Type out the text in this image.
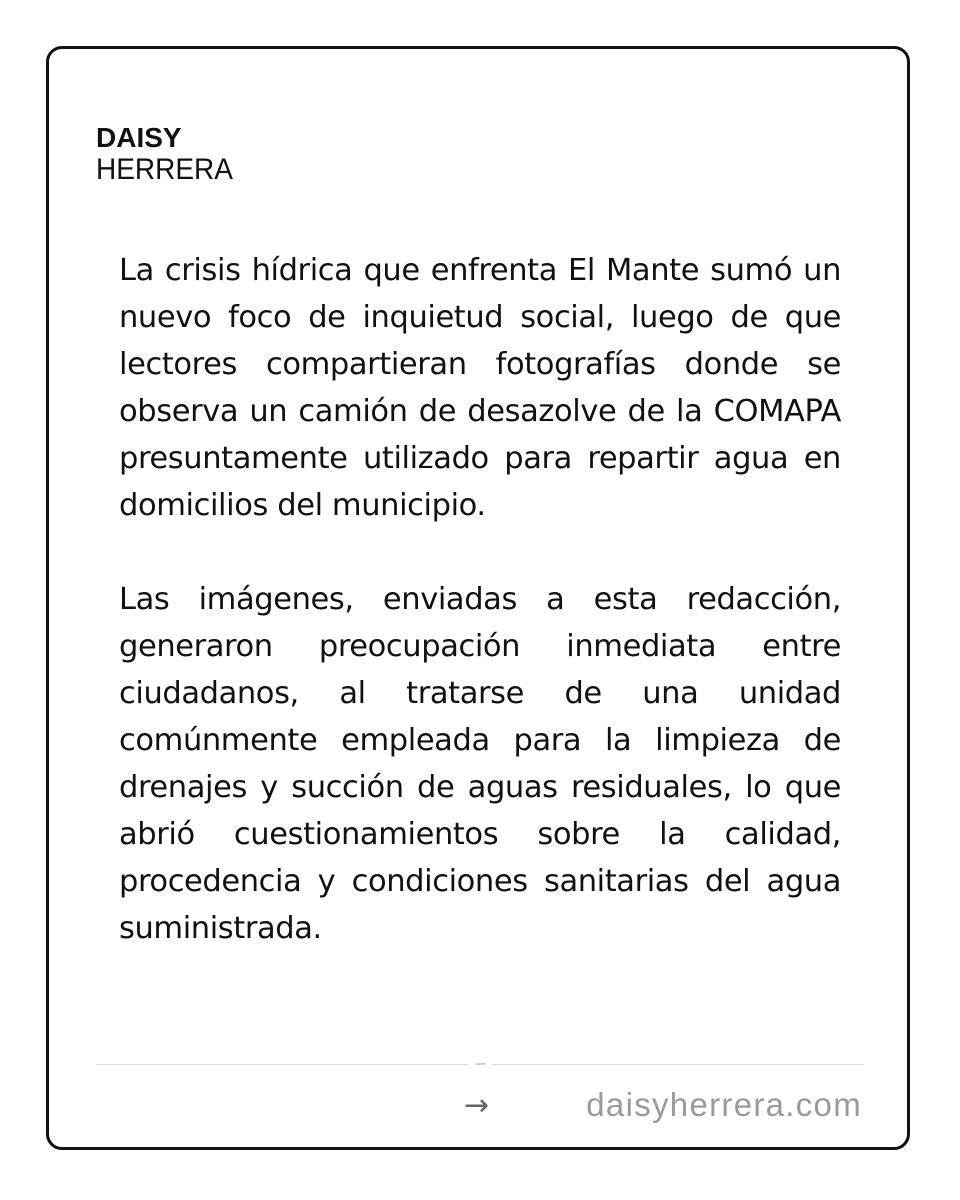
DAISY
HERRERA

La crisis hídrica que enfrenta El Mante sumó un nuevo foco de inquietud social, luego de que lectores compartieran fotografías donde se observa un camión de desazolve de la COMAPA presuntamente utilizado para repartir agua en domicilios del municipio.

Las imágenes, enviadas a esta redacción, generaron preocupación inmediata entre ciudadanos, al tratarse de una unidad comúnmente empleada para la limpieza de drenajes y succión de aguas residuales, lo que abrió cuestionamientos sobre la calidad, procedencia y condiciones sanitarias del agua suministrada.

• acne
→	daisyherrera.com
